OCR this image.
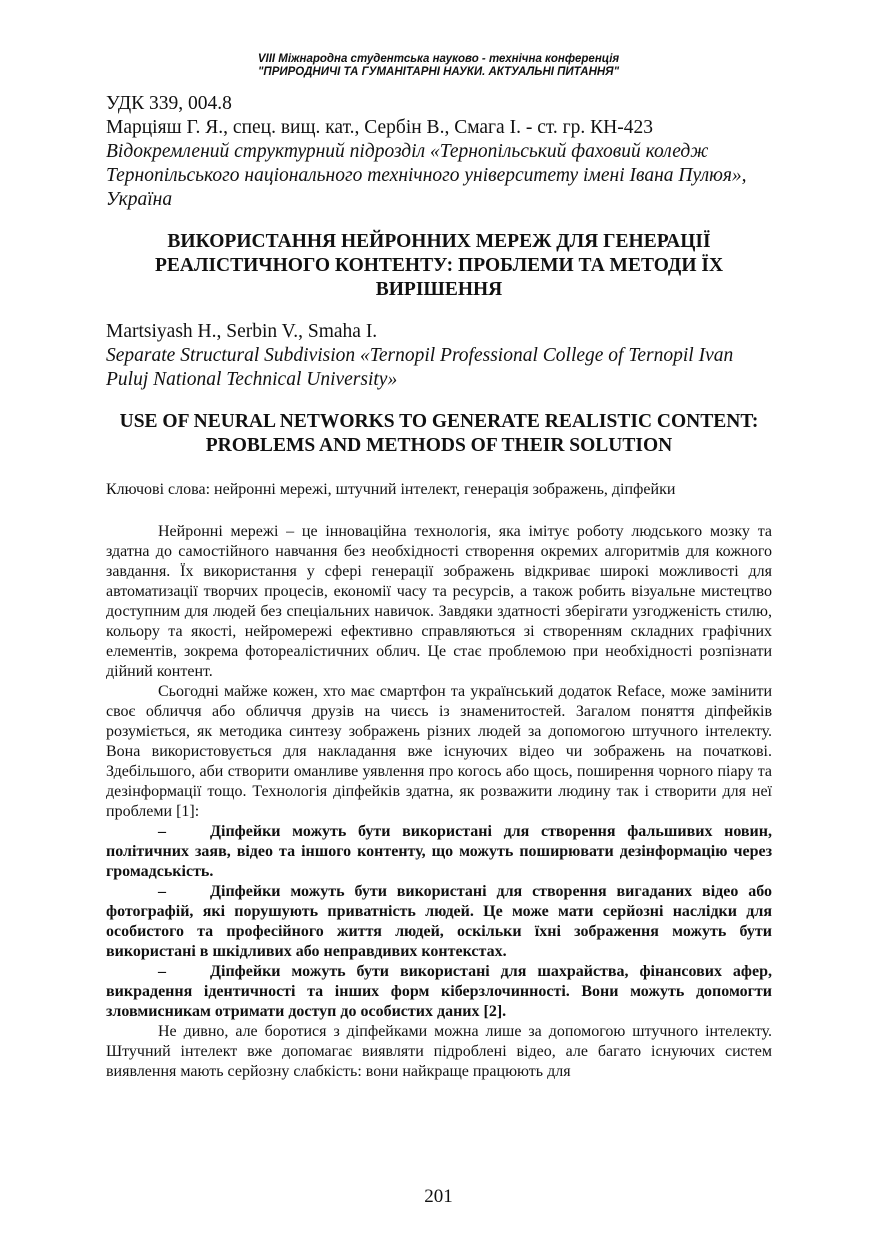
VIII Міжнародна студентська науково - технічна конференція
"ПРИРОДНИЧІ ТА ГУМАНІТАРНІ НАУКИ. АКТУАЛЬНІ ПИТАННЯ"

УДК 339, 004.8

Марціяш Г. Я., спец. вищ. кат., Сербін В., Смага І. - ст. гр. КН-423

Відокремлений структурний підрозділ «Тернопільський фаховий коледж Тернопільського національного технічного університету імені Івана Пулюя», Україна

ВИКОРИСТАННЯ НЕЙРОННИХ МЕРЕЖ ДЛЯ ГЕНЕРАЦІЇ РЕАЛІСТИЧНОГО КОНТЕНТУ: ПРОБЛЕМИ ТА МЕТОДИ ЇХ ВИРІШЕННЯ

Martsiyash H., Serbin V., Smaha I.

Separate Structural Subdivision «Ternopil Professional College of Ternopil Ivan Puluj National Technical University»

USE OF NEURAL NETWORKS TO GENERATE REALISTIC CONTENT: PROBLEMS AND METHODS OF THEIR SOLUTION

Ключові слова: нейронні мережі, штучний інтелект, генерація зображень, діпфейки

Нейронні мережі – це інноваційна технологія, яка імітує роботу людського мозку та здатна до самостійного навчання без необхідності створення окремих алгоритмів для кожного завдання. Їх використання у сфері генерації зображень відкриває широкі можливості для автоматизації творчих процесів, економії часу та ресурсів, а також робить візуальне мистецтво доступним для людей без спеціальних навичок. Завдяки здатності зберігати узгодженість стилю, кольору та якості, нейромережі ефективно справляються зі створенням складних графічних елементів, зокрема фотореалістичних облич. Це стає проблемою при необхідності розпізнати дійний контент.

Сьогодні майже кожен, хто має смартфон та український додаток Reface, може замінити своє обличчя або обличчя друзів на чиєсь із знаменитостей. Загалом поняття діпфейків розуміється, як методика синтезу зображень різних людей за допомогою штучного інтелекту. Вона використовується для накладання вже існуючих відео чи зображень на початкові. Здебільшого, аби створити оманливе уявлення про когось або щось, поширення чорного піару та дезінформації тощо. Технологія діпфейків здатна, як розважити людину так і створити для неї проблеми [1]:

–	Діпфейки можуть бути використані для створення фальшивих новин, політичних заяв, відео та іншого контенту, що можуть поширювати дезінформацію через громадськість.

–	Діпфейки можуть бути використані для створення вигаданих відео або фотографій, які порушують приватність людей. Це може мати серйозні наслідки для особистого та професійного життя людей, оскільки їхні зображення можуть бути використані в шкідливих або неправдивих контекстах.

–	Діпфейки можуть бути використані для шахрайства, фінансових афер, викрадення ідентичності та інших форм кіберзлочинності. Вони можуть допомогти зловмисникам отримати доступ до особистих даних [2].

Не дивно, але боротися з діпфейками можна лише за допомогою штучного інтелекту. Штучний інтелект вже допомагає виявляти підроблені відео, але багато існуючих систем виявлення мають серйозну слабкість: вони найкраще працюють для

201
